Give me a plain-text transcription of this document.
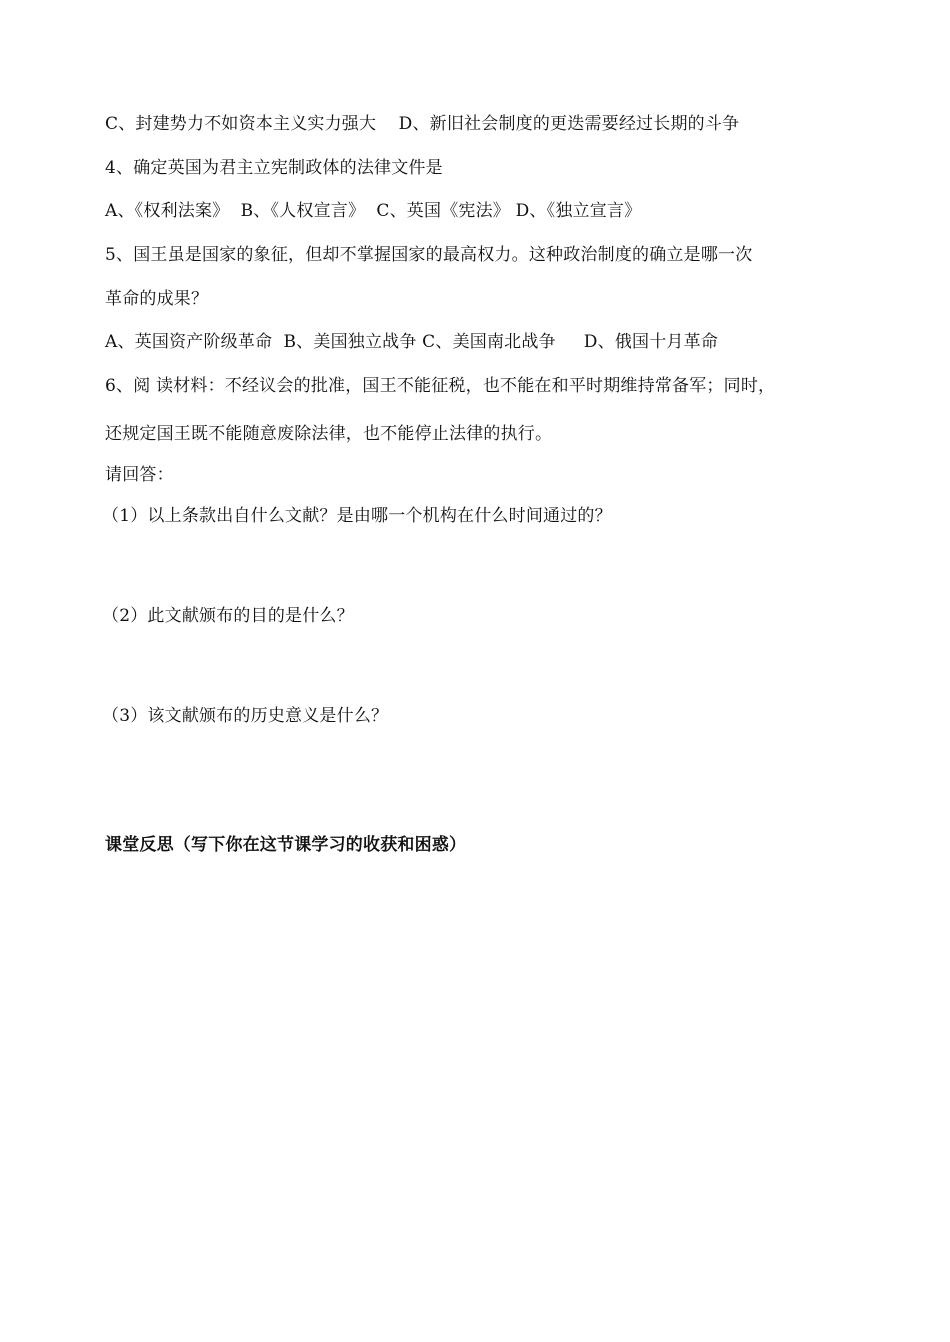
C、封建势力不如资本主义实力强大    D、新旧社会制度的更迭需要经过长期的斗争
4、确定英国为君主立宪制政体的法律文件是
A、《权利法案》  B、《人权宣言》  C、英国《宪法》 D、《独立宣言》
5、国王虽是国家的象征，但却不掌握国家的最高权力。这种政治制度的确立是哪一次
革命的成果？
A、英国资产阶级革命  B、美国独立战争 C、美国南北战争     D、俄国十月革命
6、阅 读材料：不经议会的批准，国王不能征税，也不能在和平时期维持常备军；同时，
还规定国王既不能随意废除法律，也不能停止法律的执行。
请回答：
（1）以上条款出自什么文献？是由哪一个机构在什么时间通过的？
（2）此文献颁布的目的是什么？
（3）该文献颁布的历史意义是什么？
课堂反思（写下你在这节课学习的收获和困惑）
